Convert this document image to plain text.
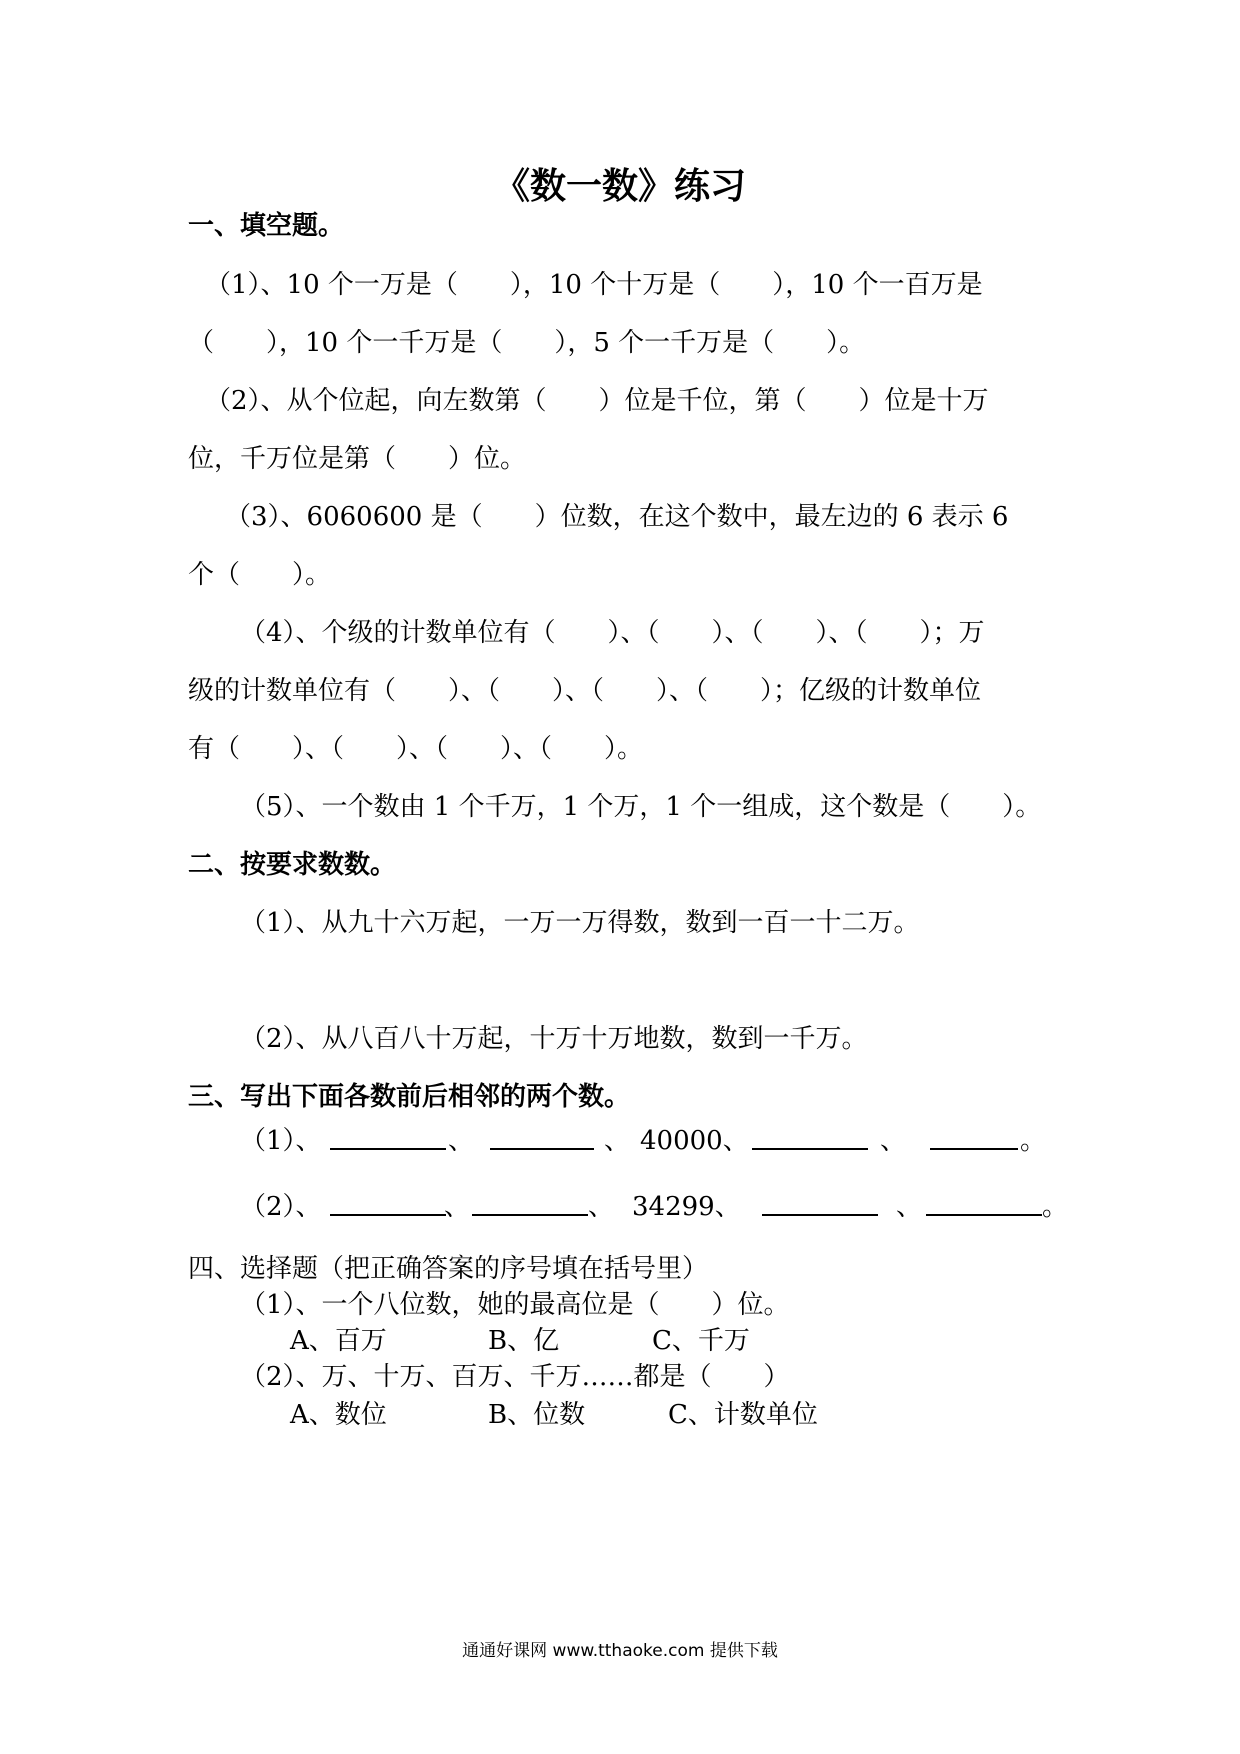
《数一数》练习
一、填空题。
（1）、10 个一万是（　　），10 个十万是（　　），10 个一百万是
（　　），10 个一千万是（　　），5 个一千万是（　　）。
（2）、从个位起，向左数第（　　）位是千位，第（　　）位是十万
位，千万位是第（　　）位。
（3）、6060600 是（　　）位数，在这个数中，最左边的 6 表示 6
个（　　）。
（4）、个级的计数单位有（　　）、（　　）、（　　）、（　　）；万
级的计数单位有（　　）、（　　）、（　　）、（　　）；亿级的计数单位
有（　　）、（　　）、（　　）、（　　）。
（5）、一个数由 1 个千万，1 个万，1 个一组成，这个数是（　　）。
二、按要求数数。
（1）、从九十六万起，一万一万得数，数到一百一十二万。
（2）、从八百八十万起，十万十万地数，数到一千万。
三、写出下面各数前后相邻的两个数。
（1）、	、	、 40000、	、	。
（2）、	、	、 34299、	、	。
四、选择题（把正确答案的序号填在括号里）
（1）、一个八位数，她的最高位是（　　）位。
A、百万	B、亿	C、千万
（2）、万、十万、百万、千万……都是（　　）
A、数位	B、位数	C、计数单位
通通好课网 www.tthaoke.com 提供下载
